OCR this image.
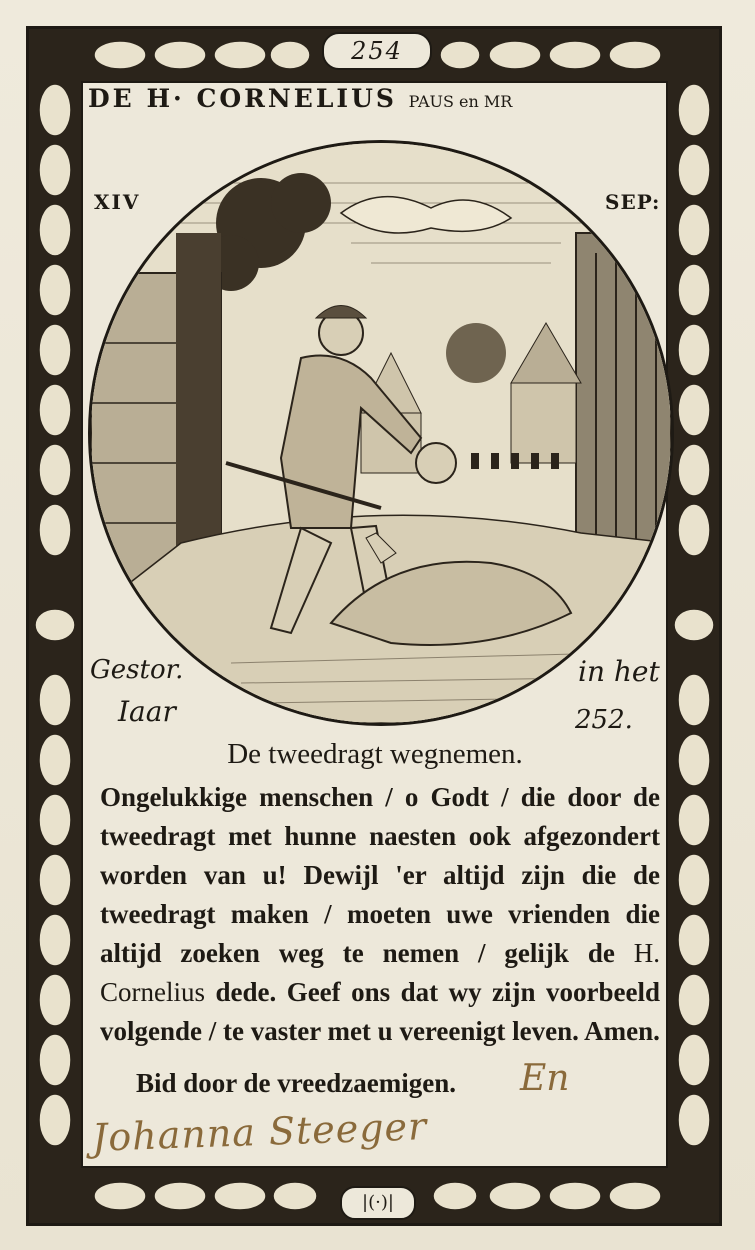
254
DE H· CORNELIUS PAUS en MR
XIV	SEP:
Gestor.	in het
Iaar	252.
De tweedragt wegnemen.
Ongelukkige menschen / o Godt / die door de tweedragt met hunne naesten ook afgezondert worden van u! Dewijl 'er altijd zijn die de tweedragt maken / moeten uwe vrienden die altijd zoeken weg te nemen / gelijk de H. Cornelius dede. Geef ons dat wy zijn voorbeeld volgende / te vaster met u vereenigt leven. Amen.
Bid door de vreedzaemigen. En
Johanna Steeger
|(·)|
